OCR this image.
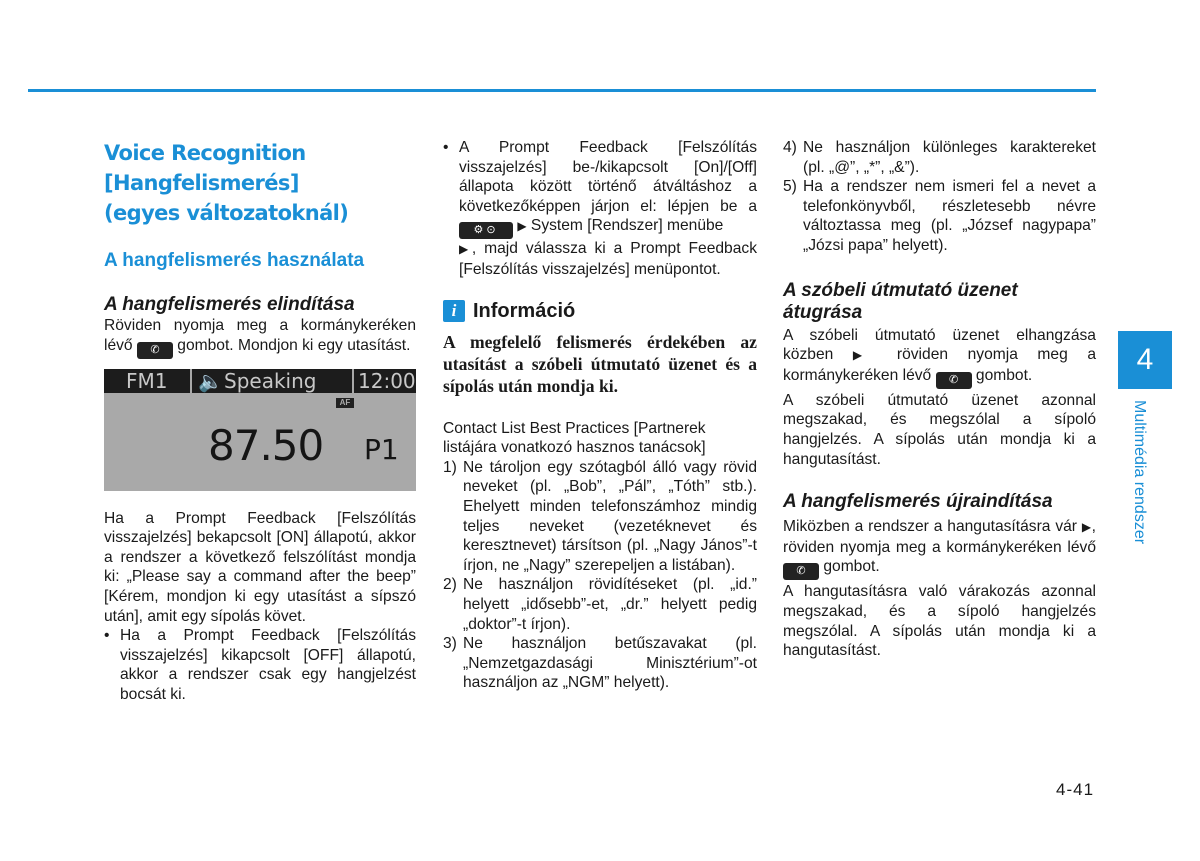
Voice Recognition
[Hangfelismerés]
(egyes változatoknál)
A hangfelismerés használata
A hangfelismerés elindítása

Röviden nyomja meg a kormánykeréken lévő ✆ gombot. Mondjon ki egy utasítást.

FM1 🔈 Speaking 12:00
AF
87.50 P1

Ha a Prompt Feedback [Felszólítás visszajelzés] bekapcsolt [ON] állapotú, akkor a rendszer a következő felszólítást mondja ki: „Please say a command after the beep” [Kérem, mondjon ki egy utasítást a sípszó után], amit egy sípolás követ.

• Ha a Prompt Feedback [Felszólítás visszajelzés] kikapcsolt [OFF] állapotú, akkor a rendszer csak egy hangjelzést bocsát ki.
• A Prompt Feedback [Felszólítás visszajelzés] be-/kikapcsolt [On]/[Off] állapota között történő átváltáshoz a következőképpen járjon el: lépjen be a ⚙⊙ ▶ System [Rendszer] menübe
▶, majd válassza ki a Prompt Feedback [Felszólítás visszajelzés] menüpontot.
i Információ

A megfelelő felismerés érdekében az utasítást a szóbeli útmutató üzenet és a sípolás után mondja ki.

Contact List Best Practices [Partnerek listájára vonatkozó hasznos tanácsok]

1) Ne tároljon egy szótagból álló vagy rövid neveket (pl. „Bob”, „Pál”, „Tóth” stb.). Ehelyett minden telefonszámhoz mindig teljes neveket (vezetéknevet és keresztnevet) társítson (pl. „Nagy János”-t írjon, ne „Nagy” szerepeljen a listában).
2) Ne használjon rövidítéseket (pl. „id.” helyett „idősebb”-et, „dr.” helyett pedig „doktor”-t írjon).
3) Ne használjon betűszavakat (pl. „Nemzetgazdasági Minisztérium”-ot használjon az „NGM” helyett).
4) Ne használjon különleges karaktereket (pl. „@”, „*”, „&”).
5) Ha a rendszer nem ismeri fel a nevet a telefonkönyvből, részletesebb névre változtassa meg (pl. „József nagypapa” „Józsi papa” helyett).
A szóbeli útmutató üzenet átugrása

A szóbeli útmutató üzenet elhangzása közben ▶ röviden nyomja meg a kormánykeréken lévő ✆ gombot.

A szóbeli útmutató üzenet azonnal megszakad, és megszólal a sípoló hangjelzés. A sípolás után mondja ki a hangutasítást.

A hangfelismerés újraindítása

Miközben a rendszer a hangutasításra vár ▶, röviden nyomja meg a kormánykeréken lévő ✆ gombot.

A hangutasításra való várakozás azonnal megszakad, és a sípoló hangjelzés megszólal. A sípolás után mondja ki a hangutasítást.

4
Multimédia rendszer
4-41
